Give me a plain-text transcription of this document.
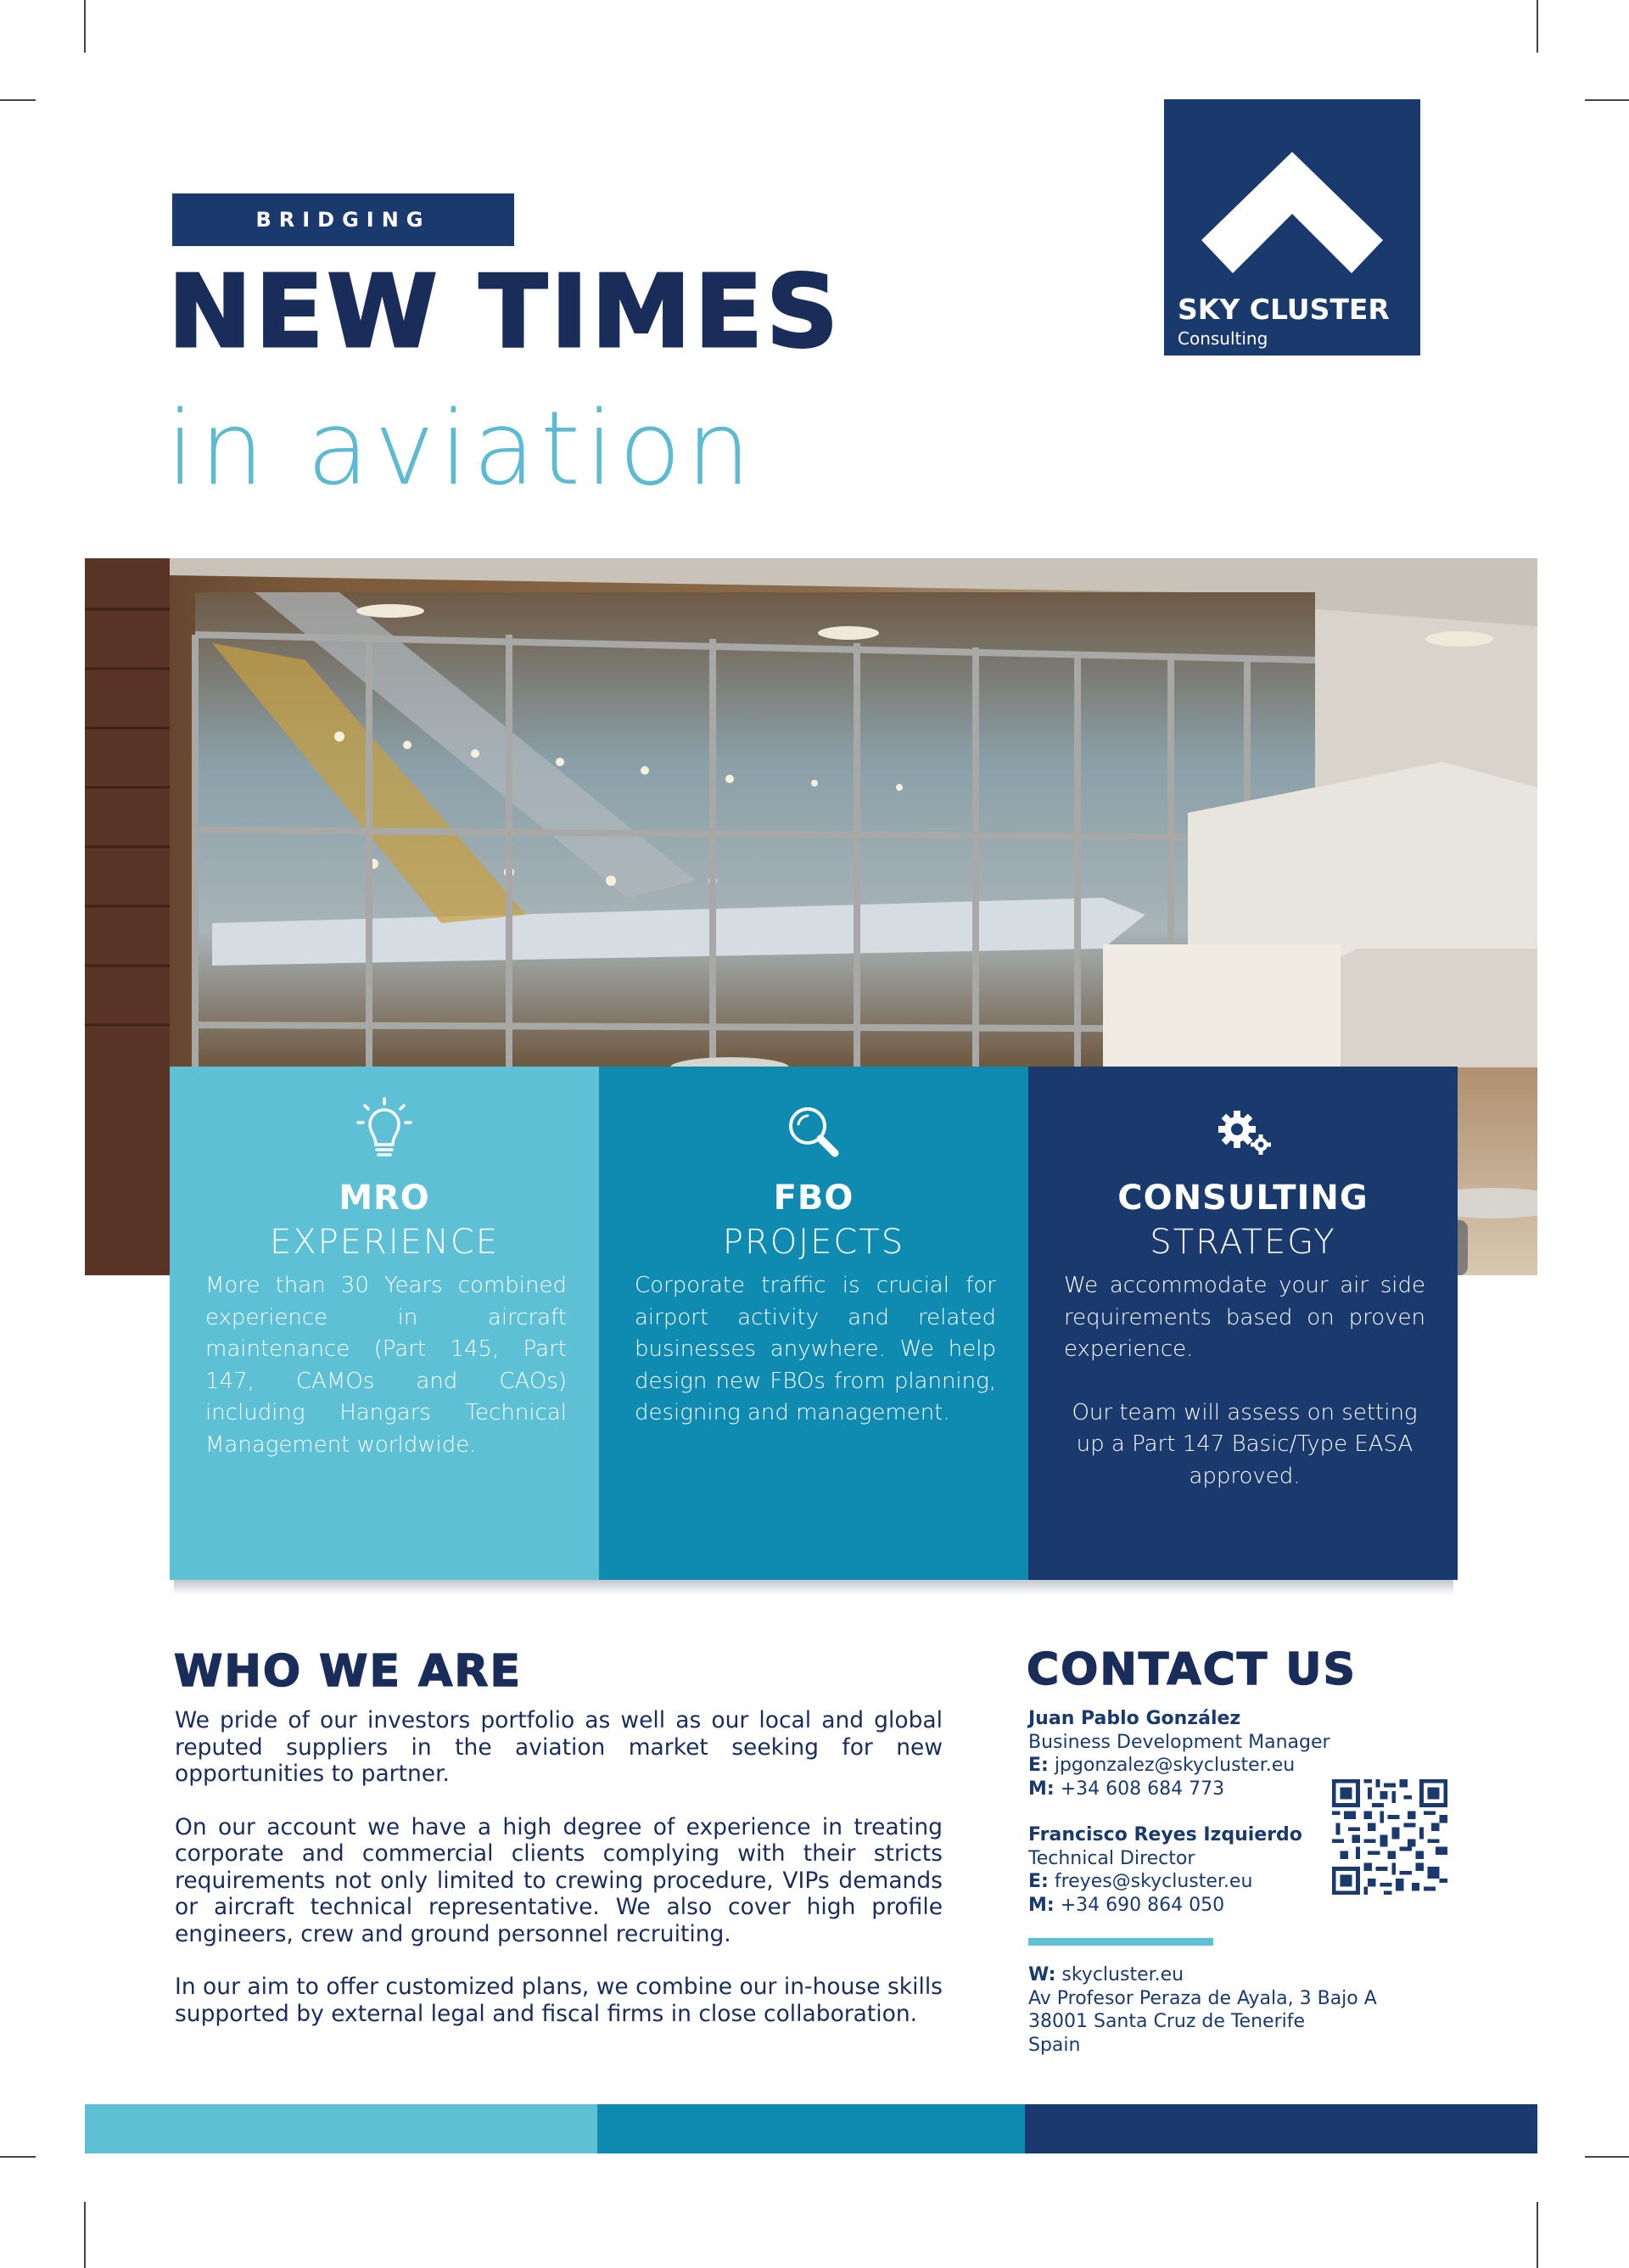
BRIDGING
NEW TIMES
in aviation
SKY CLUSTER
Consulting
MRO
EXPERIENCE

More than 30 Years combined experience in aircraft maintenance (Part 145, Part 147, CAMOs and CAOs) including Hangars Technical Management worldwide.

FBO
PROJECTS

Corporate traffic is crucial for airport activity and related businesses anywhere. We help design new FBOs from planning, designing and management.

CONSULTING
STRATEGY

We accommodate your air side requirements based on proven experience.

Our team will assess on setting up a Part 147 Basic/Type EASA approved.

WHO WE ARE

We pride of our investors portfolio as well as our local and global reputed suppliers in the aviation market seeking for new opportunities to partner.

On our account we have a high degree of experience in treating corporate and commercial clients complying with their stricts requirements not only limited to crewing procedure, VIPs demands or aircraft technical representative. We also cover high profile engineers, crew and ground personnel recruiting.

In our aim to offer customized plans, we combine our in-house skills supported by external legal and fiscal firms in close collaboration.

CONTACT US
Juan Pablo González
Business Development Manager
E: jpgonzalez@skycluster.eu
M: +34 608 684 773
Francisco Reyes Izquierdo
Technical Director
E: freyes@skycluster.eu
M: +34 690 864 050
W: skycluster.eu
Av Profesor Peraza de Ayala, 3 Bajo A
38001 Santa Cruz de Tenerife
Spain
